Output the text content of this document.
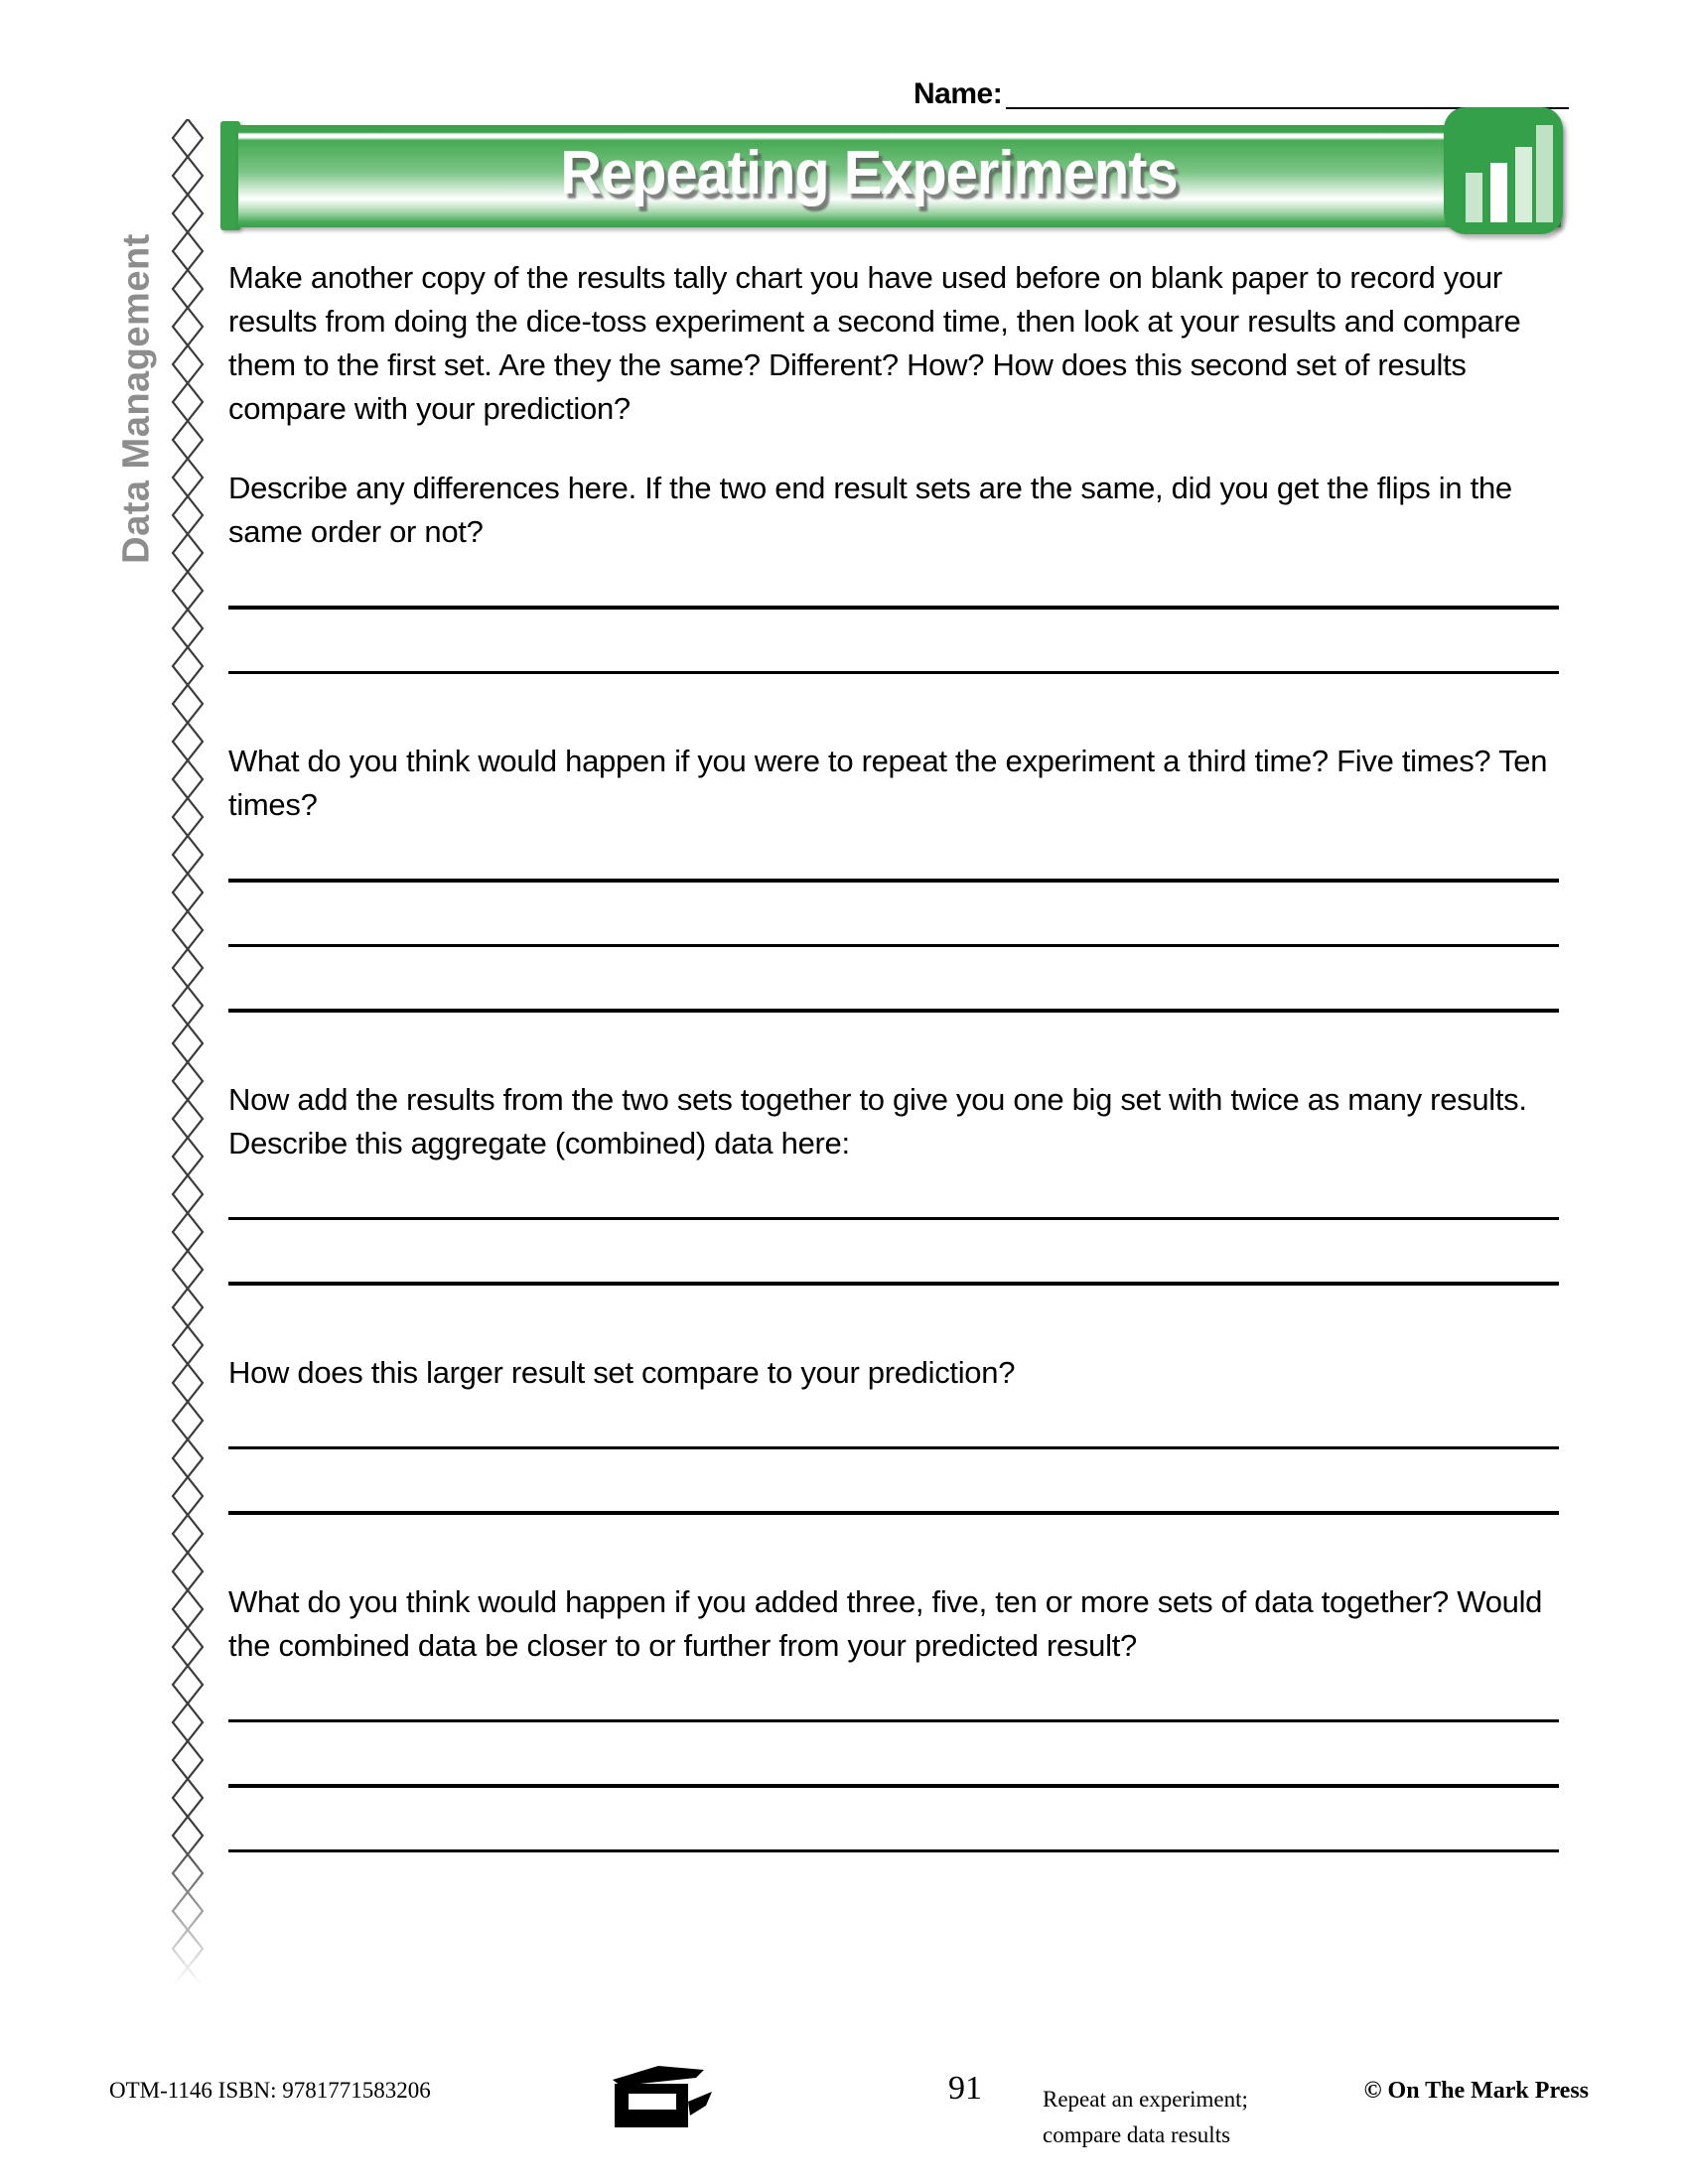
Name:
Data Management
Repeating Experiments

Make another copy of the results tally chart you have used before on blank paper to record your results from doing the dice-toss experiment a second time, then look at your results and compare them to the first set. Are they the same? Different? How? How does this second set of results compare with your prediction?

Describe any differences here. If the two end result sets are the same, did you get the flips in the same order or not?

What do you think would happen if you were to repeat the experiment a third time? Five times? Ten times?

Now add the results from the two sets together to give you one big set with twice as many results. Describe this aggregate (combined) data here:

How does this larger result set compare to your prediction?

What do you think would happen if you added three, five, ten or more sets of data together? Would the combined data be closer to or further from your predicted result?

OTM-1146 ISBN: 9781771583206	91	Repeat an experiment;
compare data results
© On The Mark Press
